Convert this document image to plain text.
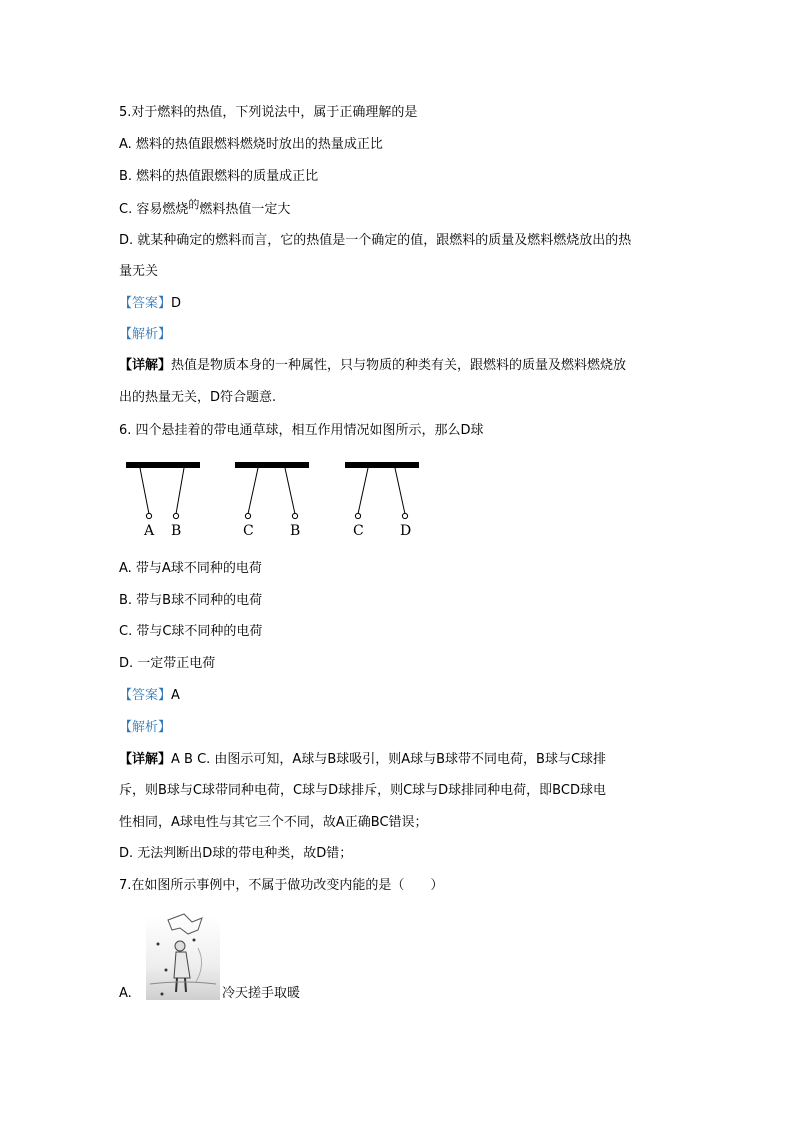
5.对于燃料的热值，下列说法中，属于正确理解的是
A. 燃料的热值跟燃料燃烧时放出的热量成正比
B. 燃料的热值跟燃料的质量成正比
C. 容易燃烧$^的$燃料热值一定大
D. 就某种确定的燃料而言，它的热值是一个确定的值，跟燃料的质量及燃料燃烧放出的热
量无关
【答案】D
【解析】
【详解】热值是物质本身的一种属性，只与物质的种类有关，跟燃料的质量及燃料燃烧放
出的热量无关，D符合题意.
6. 四个悬挂着的带电通草球，相互作用情况如图所示，那么D球
A B	C	B	C	D
A. 带与A球不同种的电荷
B. 带与B球不同种的电荷
C. 带与C球不同种的电荷
D. 一定带正电荷
【答案】A
【解析】
【详解】A B C. 由图示可知，A球与B球吸引，则A球与B球带不同电荷，B球与C球排
斥，则B球与C球带同种电荷，C球与D球排斥，则C球与D球排同种电荷，即BCD球电
性相同，A球电性与其它三个不同，故A正确BC错误；
D. 无法判断出D球的带电种类，故D错；
7.在如图所示事例中，不属于做功改变内能的是（　　）
A.	冷天搓手取暖
